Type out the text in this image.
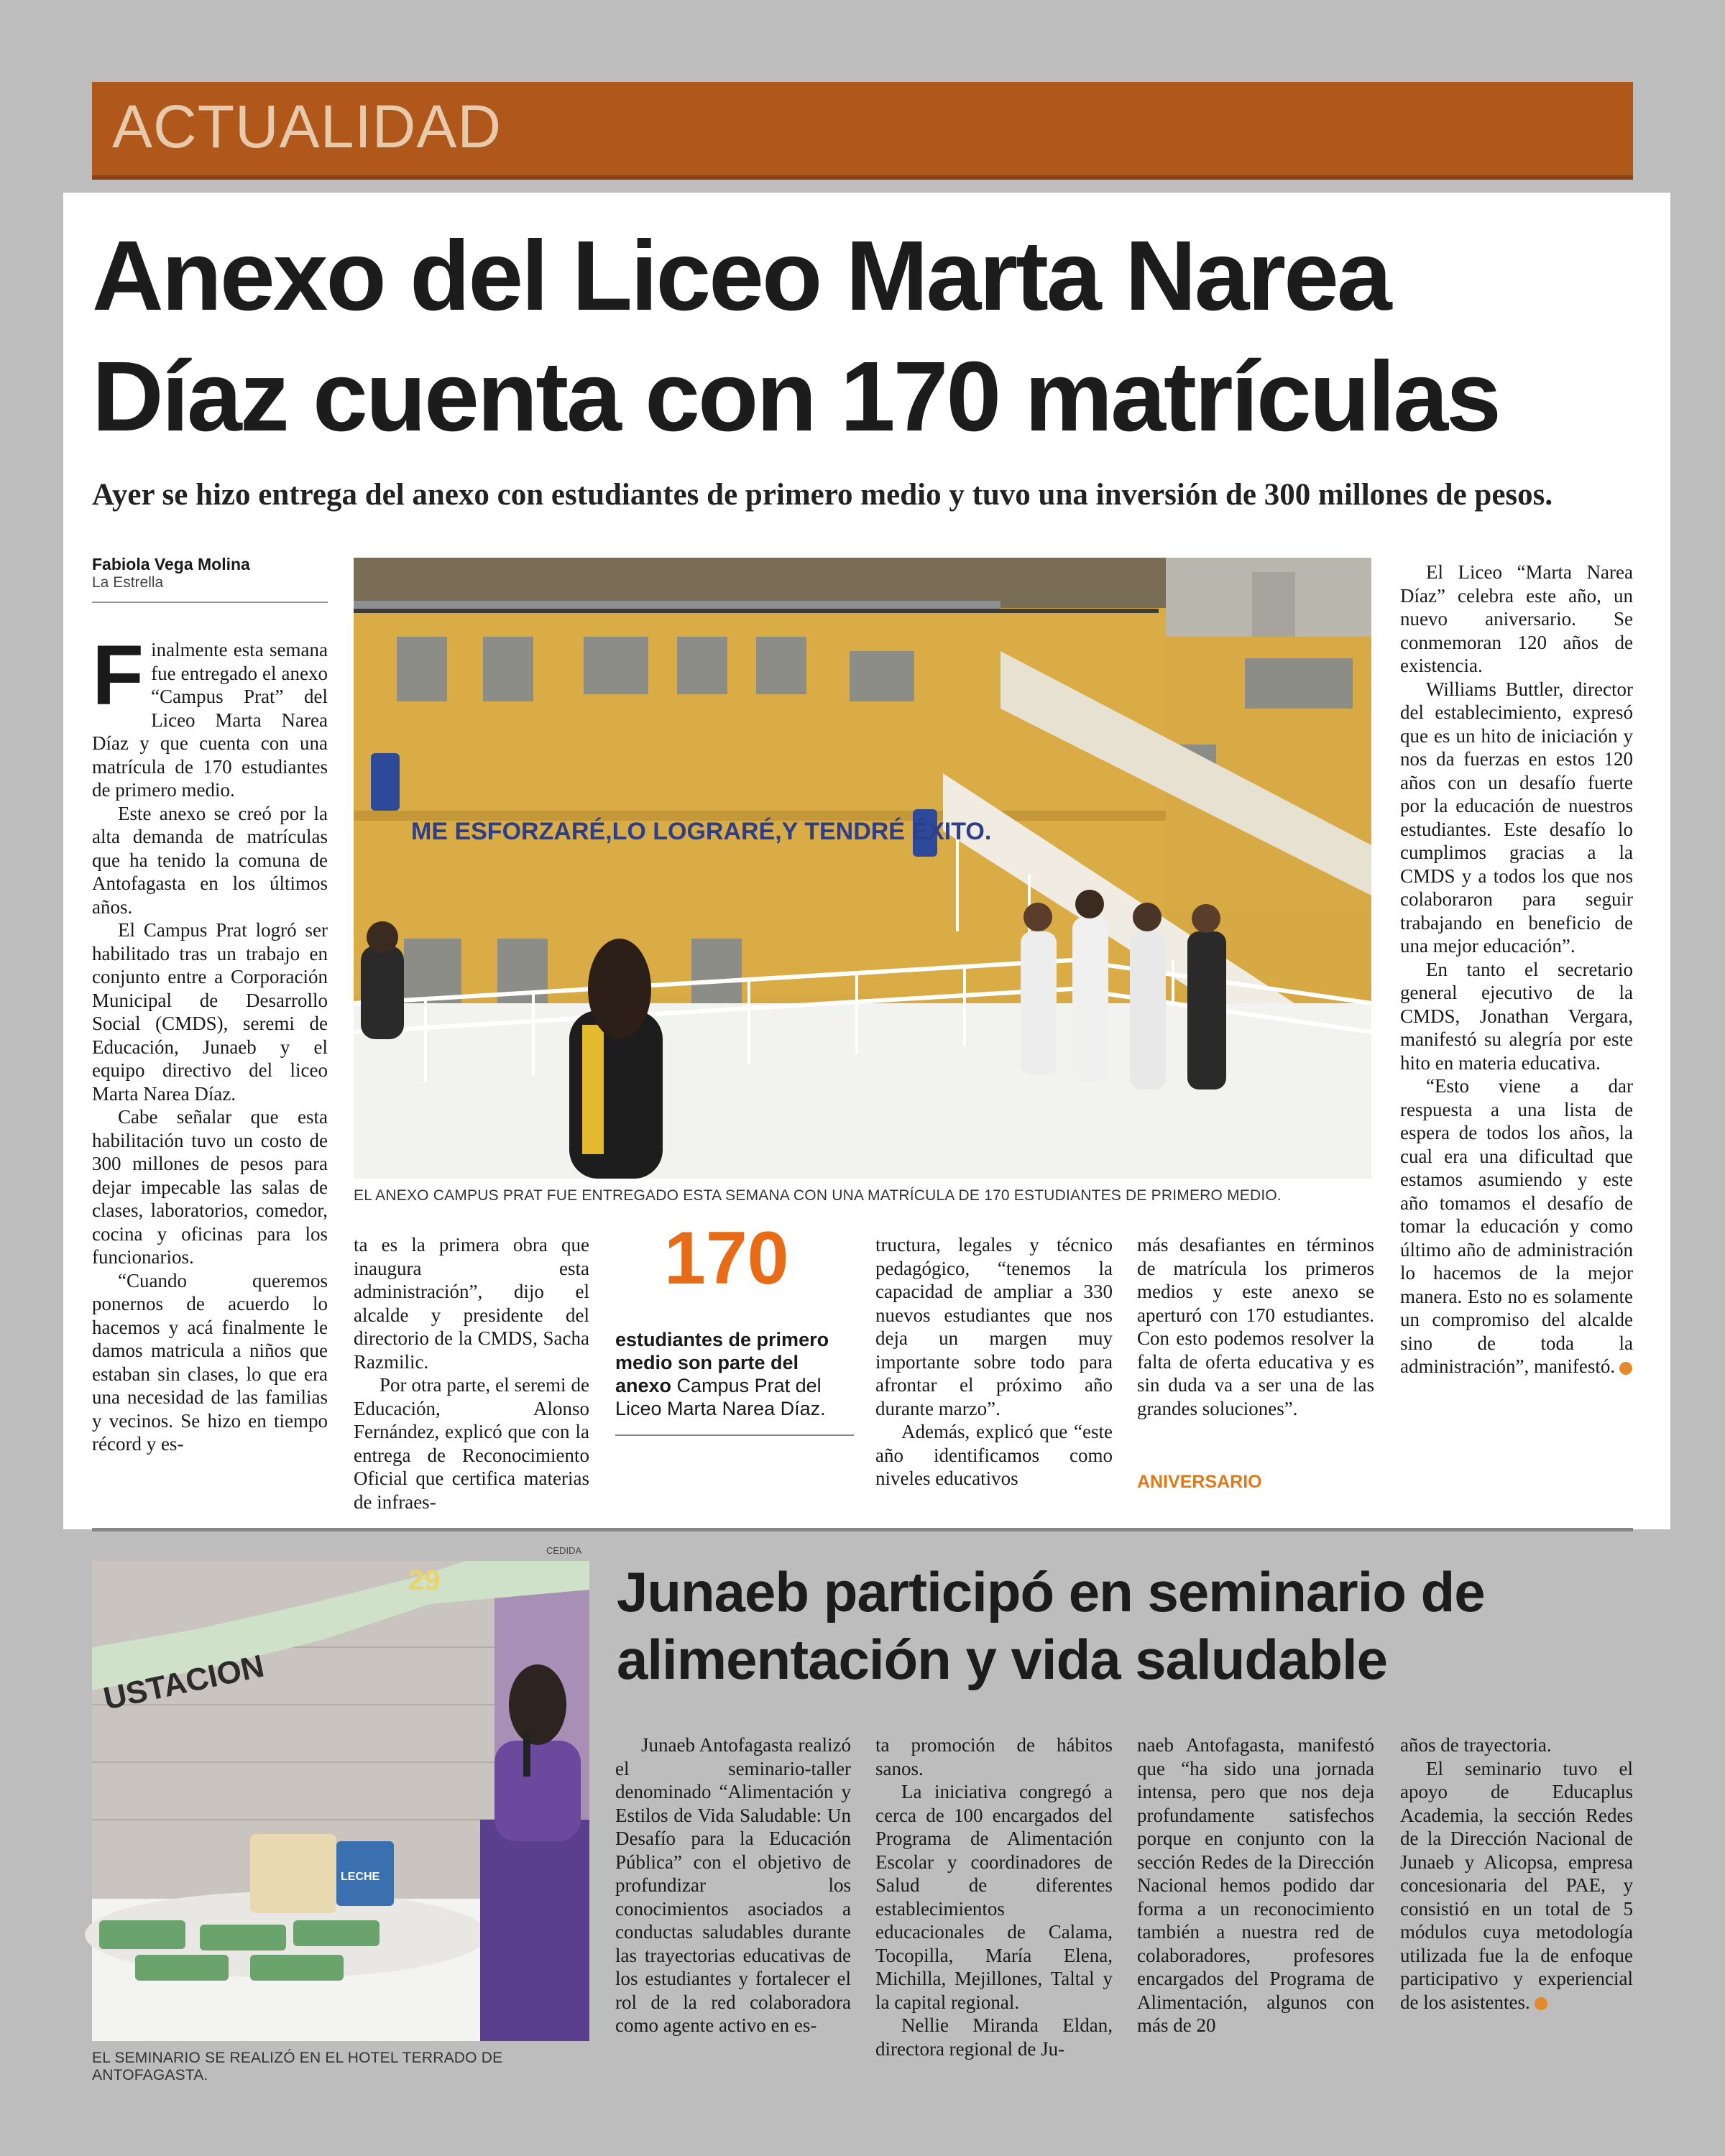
ACTUALIDAD
Anexo del Liceo Marta Narea
Díaz cuenta con 170 matrículas
Ayer se hizo entrega del anexo con estudiantes de primero medio y tuvo una inversión de 300 millones de pesos.
Fabiola Vega Molina
La Estrella

Finalmente esta semana fue entregado el anexo “Campus Prat” del Liceo Marta Narea Díaz y que cuenta con una matrícula de 170 estudiantes de primero medio.

Este anexo se creó por la alta demanda de matrículas que ha tenido la comuna de Antofagasta en los últimos años.

El Campus Prat logró ser habilitado tras un trabajo en conjunto entre a Corporación Municipal de Desarrollo Social (CMDS), seremi de Educación, Junaeb y el equipo directivo del liceo Marta Narea Díaz.

Cabe señalar que esta habilitación tuvo un costo de 300 millones de pesos para dejar impecable las salas de clases, laboratorios, comedor, cocina y oficinas para los funcionarios.

“Cuando queremos ponernos de acuerdo lo hacemos y acá finalmente le damos matricula a niños que estaban sin clases, lo que era una necesidad de las familias y vecinos. Se hizo en tiempo récord y es-

ME ESFORZARÉ,LO LOGRARÉ,Y TENDRÉ ÉXITO.
EL ANEXO CAMPUS PRAT FUE ENTREGADO ESTA SEMANA CON UNA MATRÍCULA DE 170 ESTUDIANTES DE PRIMERO MEDIO.

ta es la primera obra que inaugura esta administración”, dijo el alcalde y presidente del directorio de la CMDS, Sacha Razmilic.

Por otra parte, el seremi de Educación, Alonso Fernández, explicó que con la entrega de Reconocimiento Oficial que certifica materias de infraes-

170
estudiantes de primero medio son parte del anexo Campus Prat del Liceo Marta Narea Díaz.

tructura, legales y técnico pedagógico, “tenemos la capacidad de ampliar a 330 nuevos estudiantes que nos deja un margen muy importante sobre todo para afrontar el próximo año durante marzo”.

Además, explicó que “este año identificamos como niveles educativos

más desafiantes en términos de matrícula los primeros medios y este anexo se aperturó con 170 estudiantes. Con esto podemos resolver la falta de oferta educativa y es sin duda va a ser una de las grandes soluciones”.

ANIVERSARIO

El Liceo “Marta Narea Díaz” celebra este año, un nuevo aniversario. Se conmemoran 120 años de existencia.

Williams Buttler, director del establecimiento, expresó que es un hito de iniciación y nos da fuerzas en estos 120 años con un desafío fuerte por la educación de nuestros estudiantes. Este desafío lo cumplimos gracias a la CMDS y a todos los que nos colaboraron para seguir trabajando en beneficio de una mejor educación”.

En tanto el secretario general ejecutivo de la CMDS, Jonathan Vergara, manifestó su alegría por este hito en materia educativa.

“Esto viene a dar respuesta a una lista de espera de todos los años, la cual era una dificultad que estamos asumiendo y este año tomamos el desafío de tomar la educación y como último año de administración lo hacemos de la mejor manera. Esto no es solamente un compromiso del alcalde sino de toda la administración”, manifestó.

CEDIDA
USTACION
29
LECHE
EL SEMINARIO SE REALIZÓ EN EL HOTEL TERRADO DE ANTOFAGASTA.
Junaeb participó en seminario de
alimentación y vida saludable

Junaeb Antofagasta realizó el seminario-taller denominado “Alimentación y Estilos de Vida Saludable: Un Desafío para la Educación Pública” con el objetivo de profundizar los conocimientos asociados a conductas saludables durante las trayectorias educativas de los estudiantes y fortalecer el rol de la red colaboradora como agente activo en es-

ta promoción de hábitos sanos.

La iniciativa congregó a cerca de 100 encargados del Programa de Alimentación Escolar y coordinadores de Salud de diferentes establecimientos educacionales de Calama, Tocopilla, María Elena, Michilla, Mejillones, Taltal y la capital regional.

Nellie Miranda Eldan, directora regional de Ju-

naeb Antofagasta, manifestó que “ha sido una jornada intensa, pero que nos deja profundamente satisfechos porque en conjunto con la sección Redes de la Dirección Nacional hemos podido dar forma a un reconocimiento también a nuestra red de colaboradores, profesores encargados del Programa de Alimentación, algunos con más de 20

años de trayectoria.

El seminario tuvo el apoyo de Educaplus Academia, la sección Redes de la Dirección Nacional de Junaeb y Alicopsa, empresa concesionaria del PAE, y consistió en un total de 5 módulos cuya metodología utilizada fue la de enfoque participativo y experiencial de los asistentes.
